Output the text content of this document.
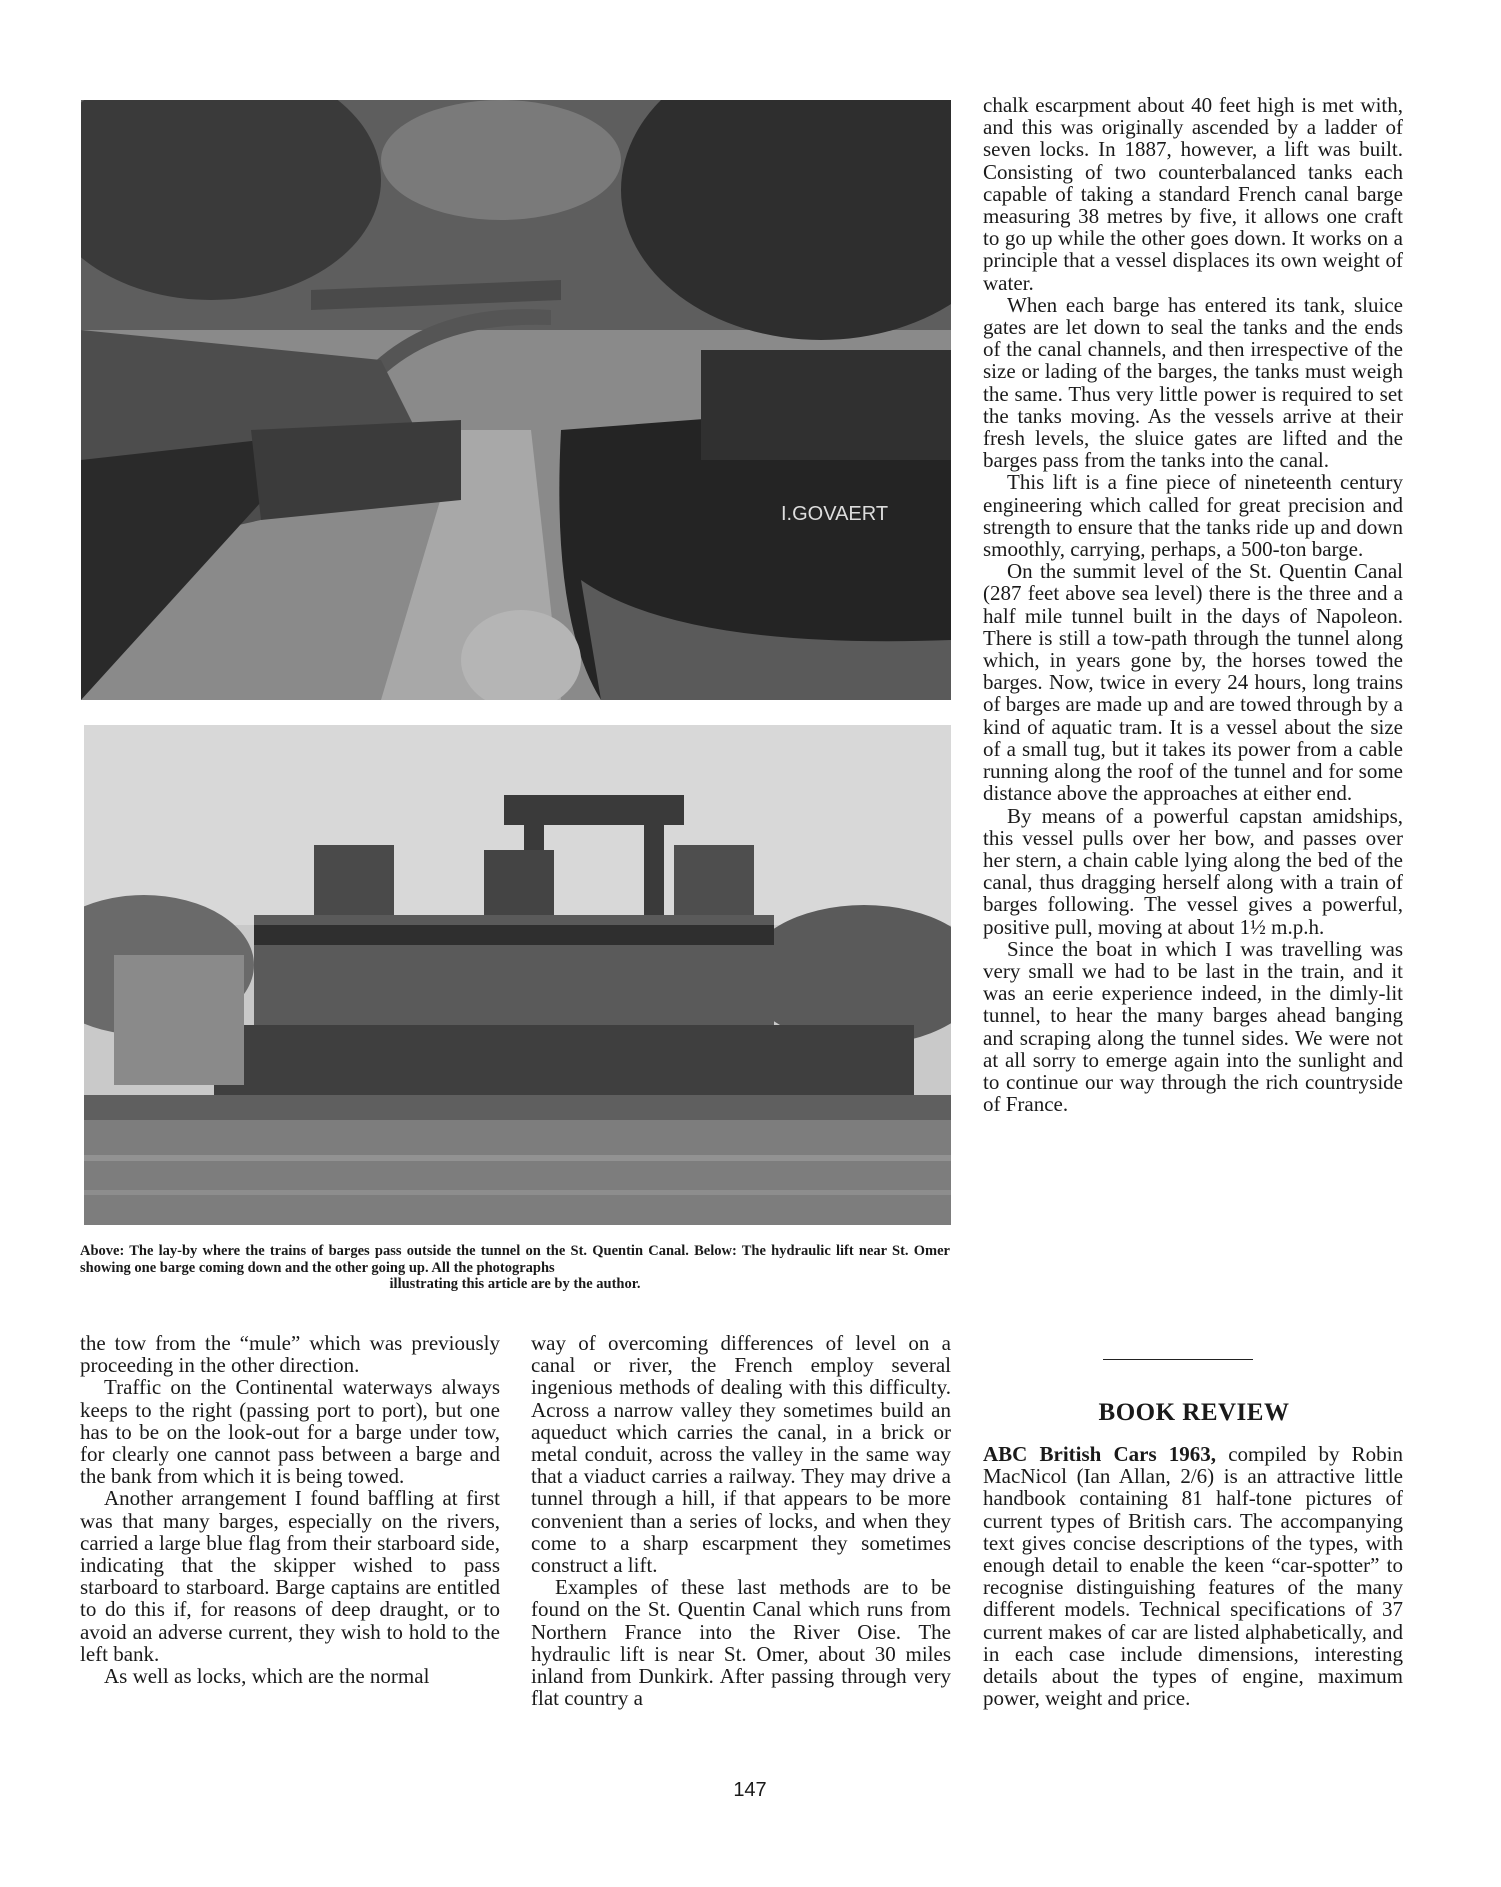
I.GOVAERT
Above: The lay-by where the trains of barges pass outside the tunnel on the St. Quentin Canal. Below: The hydraulic lift near St. Omer showing one barge coming down and the other going up. All the photographs
illustrating this article are by the author.

chalk escarpment about 40 feet high is met with, and this was originally ascended by a ladder of seven locks. In 1887, however, a lift was built. Consisting of two counterbalanced tanks each capable of taking a standard French canal barge measuring 38 metres by five, it allows one craft to go up while the other goes down. It works on a principle that a vessel displaces its own weight of water.

When each barge has entered its tank, sluice gates are let down to seal the tanks and the ends of the canal channels, and then irrespective of the size or lading of the barges, the tanks must weigh the same. Thus very little power is required to set the tanks moving. As the vessels arrive at their fresh levels, the sluice gates are lifted and the barges pass from the tanks into the canal.

This lift is a fine piece of nineteenth century engineering which called for great precision and strength to ensure that the tanks ride up and down smoothly, carrying, perhaps, a 500-ton barge.

On the summit level of the St. Quentin Canal (287 feet above sea level) there is the three and a half mile tunnel built in the days of Napoleon. There is still a tow-path through the tunnel along which, in years gone by, the horses towed the barges. Now, twice in every 24 hours, long trains of barges are made up and are towed through by a kind of aquatic tram. It is a vessel about the size of a small tug, but it takes its power from a cable running along the roof of the tunnel and for some distance above the approaches at either end.

By means of a powerful capstan amidships, this vessel pulls over her bow, and passes over her stern, a chain cable lying along the bed of the canal, thus dragging herself along with a train of barges following. The vessel gives a powerful, positive pull, moving at about 1½ m.p.h.

Since the boat in which I was travelling was very small we had to be last in the train, and it was an eerie experience indeed, in the dimly-lit tunnel, to hear the many barges ahead banging and scraping along the tunnel sides. We were not at all sorry to emerge again into the sunlight and to continue our way through the rich countryside of France.

the tow from the “mule” which was previously proceeding in the other direction.

Traffic on the Continental waterways always keeps to the right (passing port to port), but one has to be on the look-out for a barge under tow, for clearly one cannot pass between a barge and the bank from which it is being towed.

Another arrangement I found baffling at first was that many barges, especially on the rivers, carried a large blue flag from their starboard side, indicating that the skipper wished to pass starboard to starboard. Barge captains are entitled to do this if, for reasons of deep draught, or to avoid an adverse current, they wish to hold to the left bank.

As well as locks, which are the normal

way of overcoming differences of level on a canal or river, the French employ several ingenious methods of dealing with this difficulty. Across a narrow valley they sometimes build an aqueduct which carries the canal, in a brick or metal conduit, across the valley in the same way that a viaduct carries a railway. They may drive a tunnel through a hill, if that appears to be more convenient than a series of locks, and when they come to a sharp escarpment they sometimes construct a lift.

Examples of these last methods are to be found on the St. Quentin Canal which runs from Northern France into the River Oise. The hydraulic lift is near St. Omer, about 30 miles inland from Dunkirk. After passing through very flat country a

BOOK REVIEW

ABC British Cars 1963, compiled by Robin MacNicol (Ian Allan, 2/6) is an attractive little handbook containing 81 half-tone pictures of current types of British cars. The accompanying text gives concise descriptions of the types, with enough detail to enable the keen “car-spotter” to recognise distinguishing features of the many different models. Technical specifications of 37 current makes of car are listed alphabetically, and in each case include dimensions, interesting details about the types of engine, maximum power, weight and price.

147
